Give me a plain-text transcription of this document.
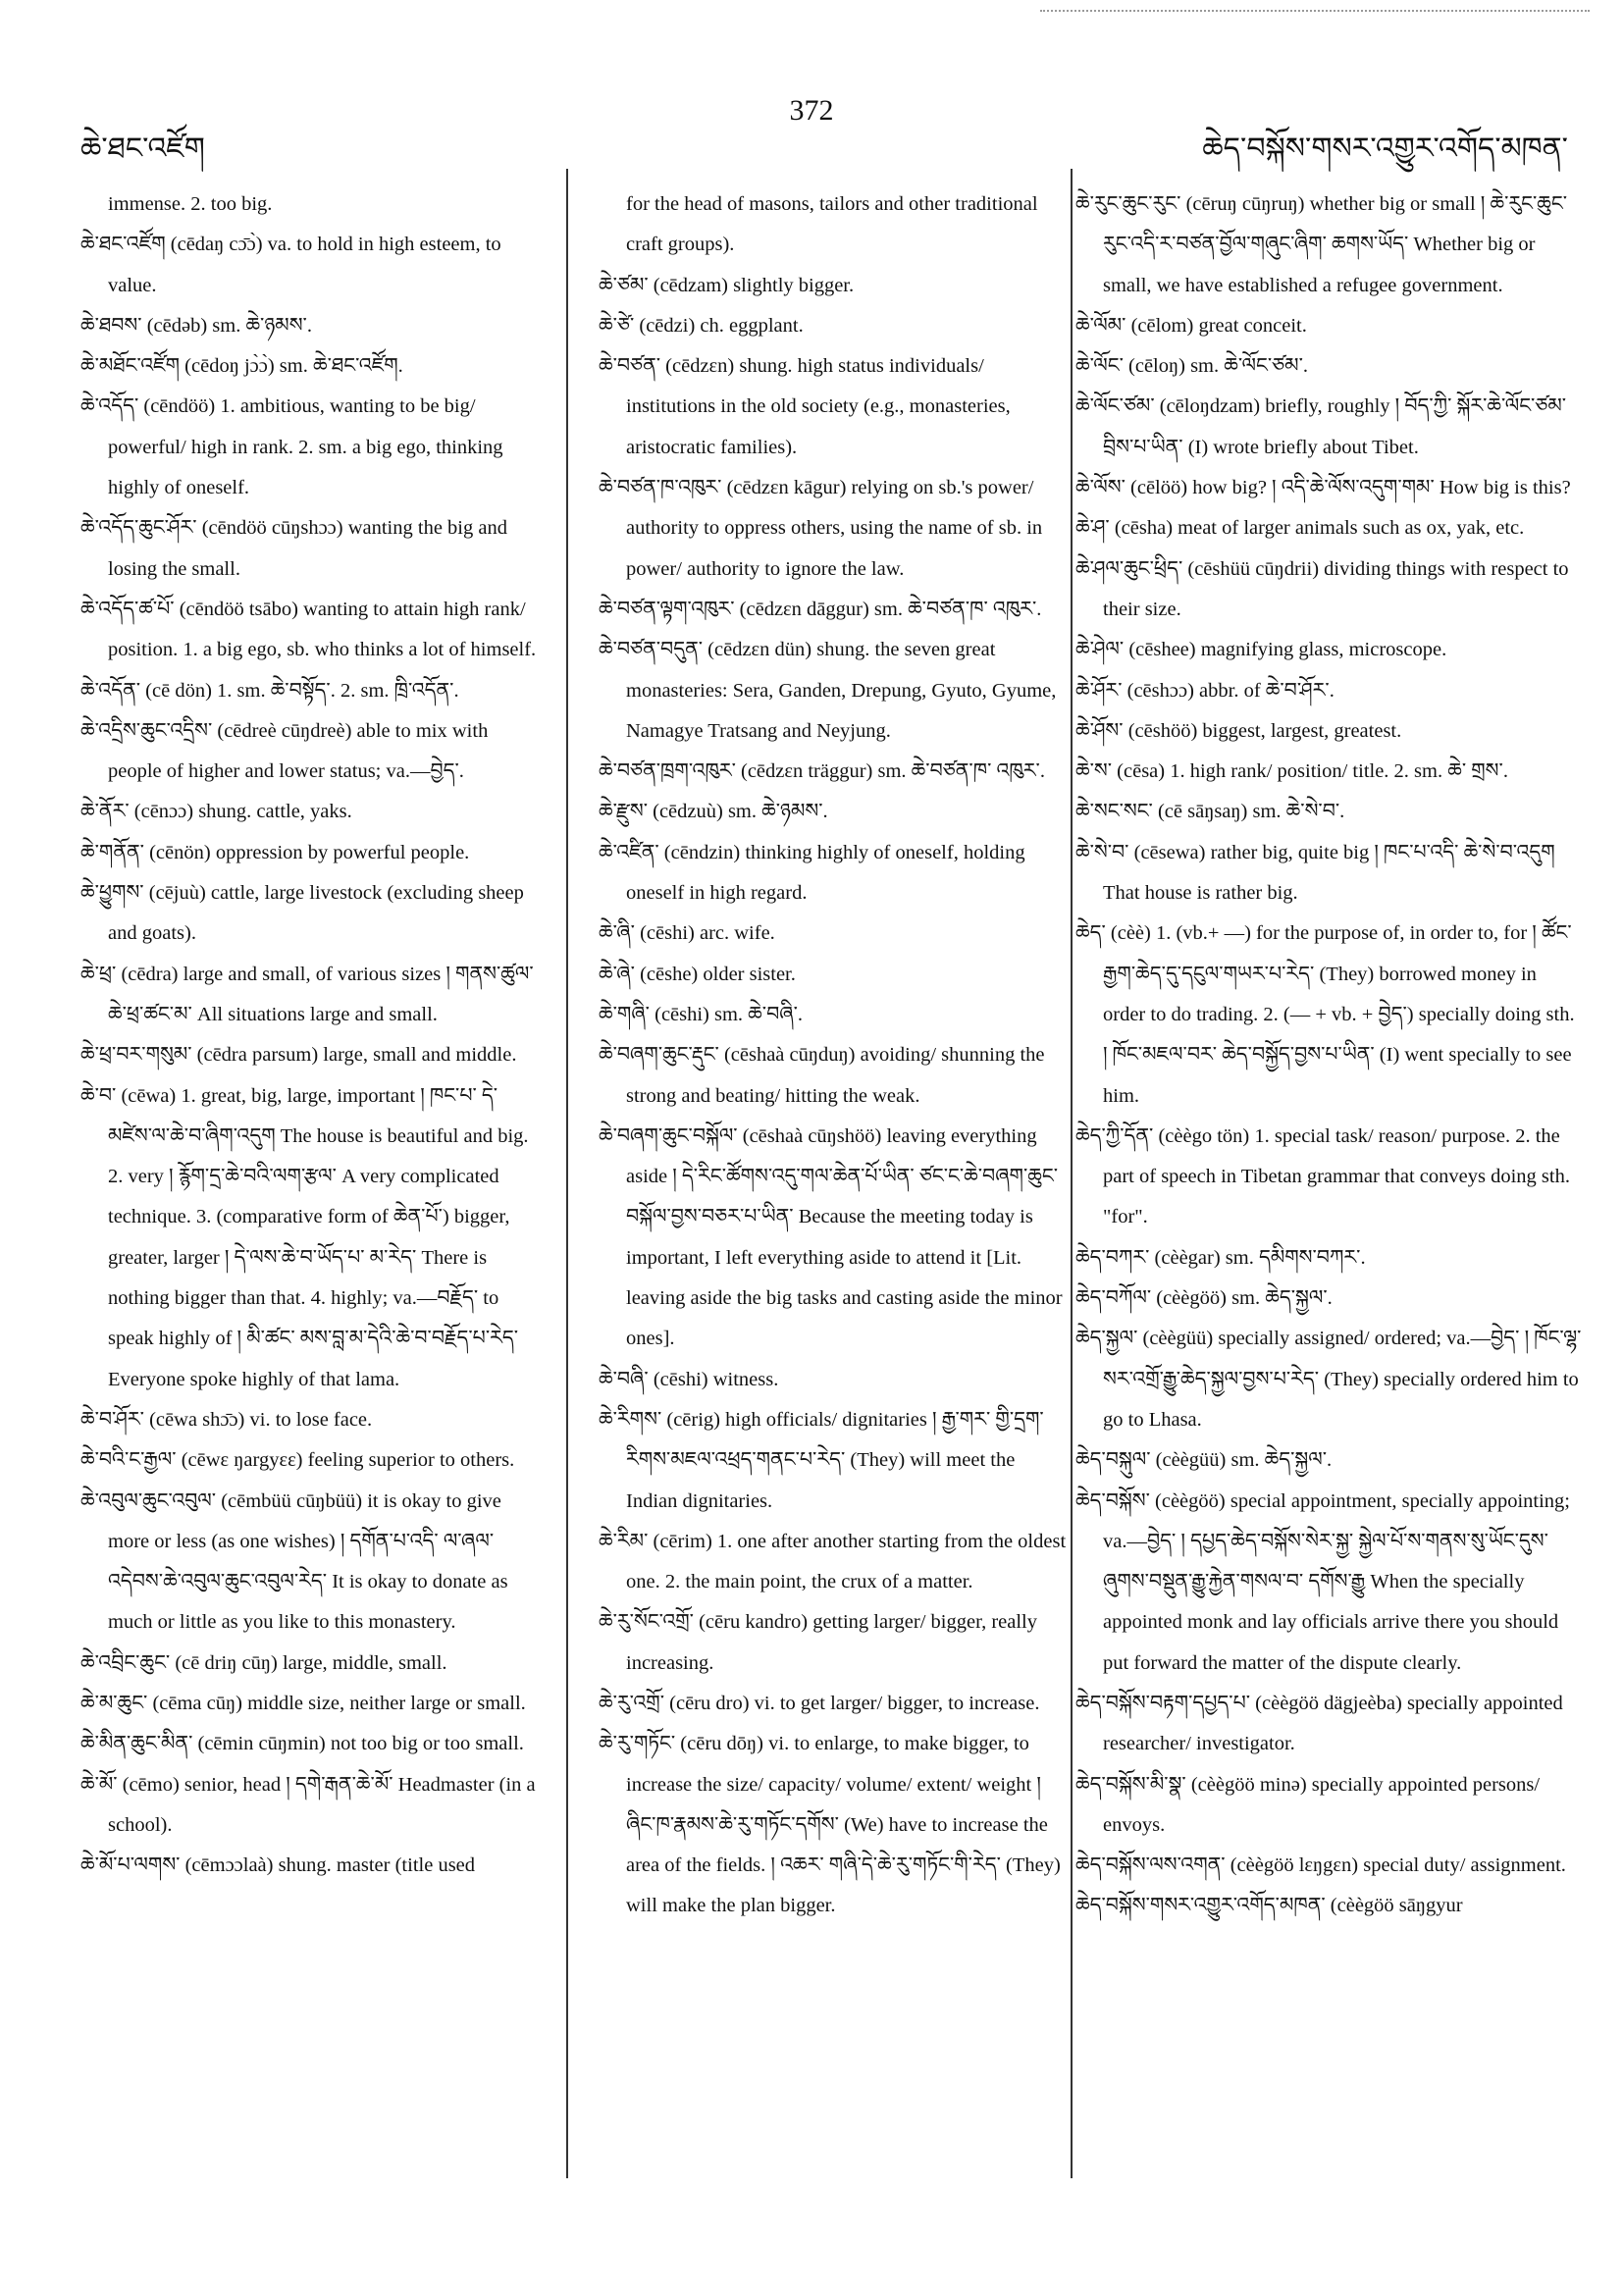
ཆེ་ཐང་འཛོག
372
ཆེད་བསྐོས་གསར་འགྱུར་འགོད་མཁན་

immense. 2. too big.

ཆེ་ཐང་འཛོག (cēdaŋ cɔ̄ɔ̀) va. to hold in high esteem, to value.

ཆེ་ཐབས་ (cēdəb) sm. ཆེ་ཉམས་.

ཆེ་མཐོང་འཛོག (cēdoŋ jɔ̀ɔ̀) sm. ཆེ་ཐང་འཛོག.

ཆེ་འདོད་ (cēndöö) 1. ambitious, wanting to be big/ powerful/ high in rank. 2. sm. a big ego, thinking highly of oneself.

ཆེ་འདོད་ཆུང་ཤོར་ (cēndöö cūŋshɔɔ) wanting the big and losing the small.

ཆེ་འདོད་ཚ་པོ་ (cēndöö tsābo) wanting to attain high rank/ position. 1. a big ego, sb. who thinks a lot of himself.

ཆེ་འདོན་ (cē dön) 1. sm. ཆེ་བསྟོད་. 2. sm. ཁྲི་འདོན་.

ཆེ་འདྲིས་ཆུང་འདྲིས་ (cēdreè cūŋdreè) able to mix with people of higher and lower status; va.—བྱེད་.

ཆེ་ནོར་ (cēnɔɔ) shung. cattle, yaks.

ཆེ་གནོན་ (cēnön) oppression by powerful people.

ཆེ་ཕྱུགས་ (cējuù) cattle, large livestock (excluding sheep and goats).

ཆེ་ཕྲ་ (cēdra) large and small, of various sizes ། གནས་ཚུལ་ཆེ་ཕྲ་ཚང་མ་ All situations large and small.

ཆེ་ཕྲ་བར་གསུམ་ (cēdra parsum) large, small and middle.

ཆེ་བ་ (cēwa) 1. great, big, large, important ། ཁང་པ་ དེ་མཛེས་ལ་ཆེ་བ་ཞིག་འདུག The house is beautiful and big. 2. very ། རྙོག་དྲ་ཆེ་བའི་ལག་རྩལ་ A very complicated technique. 3. (comparative form of ཆེན་པོ་) bigger, greater, larger ། དེ་ལས་ཆེ་བ་ཡོད་པ་ མ་རེད་ There is nothing bigger than that. 4. highly; va.—བརྗོད་ to speak highly of ། མི་ཚང་ མས་བླ་མ་དེའི་ཆེ་བ་བརྗོད་པ་རེད་ Everyone spoke highly of that lama.

ཆེ་བ་ཤོར་ (cēwa shɔ̄ɔ) vi. to lose face.

ཆེ་བའི་ང་རྒྱལ་ (cēwɛ ŋargyɛɛ) feeling superior to others.

ཆེ་འབུལ་ཆུང་འབུལ་ (cēmbüü cūŋbüü) it is okay to give more or less (as one wishes) ། དགོན་པ་འདི་ ལ་ཞལ་འདེབས་ཆེ་འབུལ་ཆུང་འབུལ་རེད་ It is okay to donate as much or little as you like to this monastery.

ཆེ་འབྲིང་ཆུང་ (cē driŋ cūŋ) large, middle, small.

ཆེ་མ་ཆུང་ (cēma cūŋ) middle size, neither large or small.

ཆེ་མིན་ཆུང་མིན་ (cēmin cūŋmin) not too big or too small.

ཆེ་མོ་ (cēmo) senior, head ། དགེ་རྒན་ཆེ་མོ་ Headmaster (in a school).

ཆེ་མོ་པ་ལགས་ (cēmɔɔlaà) shung. master (title used

for the head of masons, tailors and other traditional craft groups).

ཆེ་ཙམ་ (cēdzam) slightly bigger.

ཆེ་ཙེ་ (cēdzi) ch. eggplant.

ཆེ་བཙན་ (cēdzɛn) shung. high status individuals/ institutions in the old society (e.g., monasteries, aristocratic families).

ཆེ་བཙན་ཁ་འཁུར་ (cēdzɛn kāgur) relying on sb.'s power/ authority to oppress others, using the name of sb. in power/ authority to ignore the law.

ཆེ་བཙན་ལྟག་འཁུར་ (cēdzɛn dāggur) sm. ཆེ་བཙན་ཁ་ འཁུར་.

ཆེ་བཙན་བདུན་ (cēdzɛn dün) shung. the seven great monasteries: Sera, Ganden, Drepung, Gyuto, Gyume, Namagye Tratsang and Neyjung.

ཆེ་བཙན་ཁྲག་འཁུར་ (cēdzɛn träggur) sm. ཆེ་བཙན་ཁ་ འཁུར་.

ཆེ་རྫུས་ (cēdzuù) sm. ཆེ་ཉམས་.

ཆེ་འཛིན་ (cēndzin) thinking highly of oneself, holding oneself in high regard.

ཆེ་ཞི་ (cēshi) arc. wife.

ཆེ་ཞེ་ (cēshe) older sister.

ཆེ་གཞི་ (cēshi) sm. ཆེ་བཞི་.

ཆེ་བཞག་ཆུང་རྡུང་ (cēshaà cūŋduŋ) avoiding/ shunning the strong and beating/ hitting the weak.

ཆེ་བཞག་ཆུང་བསྐོལ་ (cēshaà cūŋshöö) leaving everything aside ། དེ་རིང་ཚོགས་འདུ་གལ་ཆེན་པོ་ཡིན་ ཙང་ང་ཆེ་བཞག་ཆུང་བསྐོལ་བྱས་བཅར་པ་ཡིན་ Because the meeting today is important, I left everything aside to attend it [Lit. leaving aside the big tasks and casting aside the minor ones].

ཆེ་བཞི་ (cēshi) witness.

ཆེ་རིགས་ (cērig) high officials/ dignitaries ། རྒྱ་གར་ གྱི་དྲག་རིགས་མཇལ་འཕྲད་གནང་པ་རེད་ (They) will meet the Indian dignitaries.

ཆེ་རིམ་ (cērim) 1. one after another starting from the oldest one. 2. the main point, the crux of a matter.

ཆེ་རུ་སོང་འགྲོ་ (cēru kandro) getting larger/ bigger, really increasing.

ཆེ་རུ་འགྲོ་ (cēru dro) vi. to get larger/ bigger, to increase.

ཆེ་རུ་གཏོང་ (cēru dōŋ) vi. to enlarge, to make bigger, to increase the size/ capacity/ volume/ extent/ weight ། ཞིང་ཁ་རྣམས་ཆེ་རུ་གཏོང་དགོས་ (We) have to increase the area of the fields. ། འཆར་ གཞི་དེ་ཆེ་རུ་གཏོང་གི་རེད་ (They) will make the plan bigger.

ཆེ་རུང་ཆུང་རུང་ (cēruŋ cūŋruŋ) whether big or small ། ཆེ་རུང་ཆུང་རུང་འདི་ར་བཙན་བྱོལ་གཞུང་ཞིག་ ཆགས་ཡོད་ Whether big or small, we have established a refugee government.

ཆེ་ལོམ་ (cēlom) great conceit.

ཆེ་ལོང་ (cēloŋ) sm. ཆེ་ལོང་ཙམ་.

ཆེ་ལོང་ཙམ་ (cēloŋdzam) briefly, roughly ། བོད་ཀྱི་ སྐོར་ཆེ་ལོང་ཙམ་བྲིས་པ་ཡིན་ (I) wrote briefly about Tibet.

ཆེ་ལོས་ (cēlöö) how big? ། འདི་ཆེ་ལོས་འདུག་གམ་ How big is this?

ཆེ་ཤ་ (cēsha) meat of larger animals such as ox, yak, etc.

ཆེ་ཤལ་ཆུང་ཕྲིད་ (cēshüü cūŋdrii) dividing things with respect to their size.

ཆེ་ཤེལ་ (cēshee) magnifying glass, microscope.

ཆེ་ཤོར་ (cēshɔɔ) abbr. of ཆེ་བ་ཤོར་.

ཆེ་ཤོས་ (cēshöö) biggest, largest, greatest.

ཆེ་ས་ (cēsa) 1. high rank/ position/ title. 2. sm. ཆེ་ གྲས་.

ཆེ་སང་སང་ (cē sāŋsaŋ) sm. ཆེ་སེ་བ་.

ཆེ་སེ་བ་ (cēsewa) rather big, quite big ། ཁང་པ་འདི་ ཆེ་སེ་བ་འདུག That house is rather big.

ཆེད་ (cèè) 1. (vb.+ —) for the purpose of, in order to, for ། ཚོང་རྒྱག་ཆེད་དུ་དངུལ་གཡར་པ་རེད་ (They) borrowed money in order to do trading. 2. (— + vb. + བྱེད་) specially doing sth. ། ཁོང་མཇལ་བར་ ཆེད་བསྐྱོད་བྱས་པ་ཡིན་ (I) went specially to see him.

ཆེད་ཀྱི་དོན་ (cèègo tön) 1. special task/ reason/ purpose. 2. the part of speech in Tibetan grammar that conveys doing sth. "for".

ཆེད་བཀར་ (cèègar) sm. དམིགས་བཀར་.

ཆེད་བཀོལ་ (cèègöö) sm. ཆེད་སྐྱལ་.

ཆེད་སྐྱལ་ (cèègüü) specially assigned/ ordered; va.—བྱེད་ ། ཁོང་ལྷ་སར་འགྲོ་རྒྱུ་ཆེད་སྐྱལ་བྱས་པ་རེད་ (They) specially ordered him to go to Lhasa.

ཆེད་བསྐུལ་ (cèègüü) sm. ཆེད་སྐྱལ་.

ཆེད་བསྐོས་ (cèègöö) special appointment, specially appointing; va.—བྱེད་ ། དཔྱད་ཆེད་བསྐོས་སེར་སྐྱ་ སྐྱེལ་པོ་ས་གནས་སུ་ཡོང་དུས་ཞུགས་བསྡུན་རྒྱུ་རྐྱེན་གསལ་བ་ དགོས་རྒྱུ When the specially appointed monk and lay officials arrive there you should put forward the matter of the dispute clearly.

ཆེད་བསྐོས་བརྟག་དཔྱད་པ་ (cèègöö dägjeèba) specially appointed researcher/ investigator.

ཆེད་བསྐོས་མི་སྣ་ (cèègöö minə) specially appointed persons/ envoys.

ཆེད་བསྐོས་ལས་འགན་ (cèègöö lɛŋgɛn) special duty/ assignment.

ཆེད་བསྐོས་གསར་འགྱུར་འགོད་མཁན་ (cèègöö sāŋgyur
